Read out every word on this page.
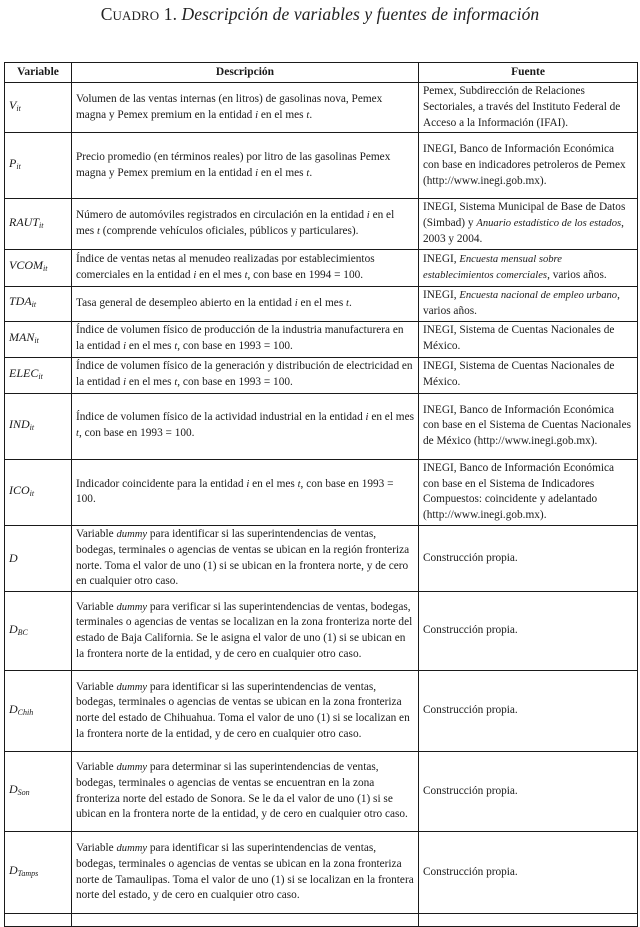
CUADRO 1. Descripción de variables y fuentes de información
Variable	Descripción	Fuente
$V_{it}$	Volumen de las ventas internas (en litros) de gasolinas nova, Pemex magna y Pemex premium en la entidad i en el mes t.	Pemex, Subdirección de Relaciones Sectoriales, a través del Instituto Federal de Acceso a la Información (IFAI).
$P_{it}$	Precio promedio (en términos reales) por litro de las gasolinas Pemex magna y Pemex premium en la entidad i en el mes t.	INEGI, Banco de Información Económica con base en indicadores petroleros de Pemex (http://www.inegi.gob.mx).
$RAUT_{it}$	Número de automóviles registrados en circulación en la entidad i en el mes t (comprende vehículos oficiales, públicos y particulares).	INEGI, Sistema Municipal de Base de Datos (Simbad) y Anuario estadístico de los estados, 2003 y 2004.
$VCOM_{it}$	Índice de ventas netas al menudeo realizadas por establecimientos comerciales en la entidad i en el mes t, con base en 1994 = 100.	INEGI, Encuesta mensual sobre establecimientos comerciales, varios años.
$TDA_{it}$	Tasa general de desempleo abierto en la entidad i en el mes t.	INEGI, Encuesta nacional de empleo urbano, varios años.
$MAN_{it}$	Índice de volumen físico de producción de la industria manufacturera en la entidad i en el mes t, con base en 1993 = 100.	INEGI, Sistema de Cuentas Nacionales de México.
$ELEC_{it}$	Índice de volumen físico de la generación y distribución de electricidad en la entidad i en el mes t, con base en 1993 = 100.	INEGI, Sistema de Cuentas Nacionales de México.
$IND_{it}$	Índice de volumen físico de la actividad industrial en la entidad i en el mes t, con base en 1993 = 100.	INEGI, Banco de Información Económica con base en el Sistema de Cuentas Nacionales de México (http://www.inegi.gob.mx).
$ICO_{it}$	Indicador coincidente para la entidad i en el mes t, con base en 1993 = 100.	INEGI, Banco de Información Económica con base en el Sistema de Indicadores Compuestos: coincidente y adelantado (http://www.inegi.gob.mx).
D	Variable dummy para identificar si las superintendencias de ventas, bodegas, terminales o agencias de ventas se ubican en la región fronteriza norte. Toma el valor de uno (1) si se ubican en la frontera norte, y de cero en cualquier otro caso.	Construcción propia.
$D_{BC}$	Variable dummy para verificar si las superintendencias de ventas, bodegas, terminales o agencias de ventas se localizan en la zona fronteriza norte del estado de Baja California. Se le asigna el valor de uno (1) si se ubican en la frontera norte de la entidad, y de cero en cualquier otro caso.	Construcción propia.
$D_{Chih}$	Variable dummy para identificar si las superintendencias de ventas, bodegas, terminales o agencias de ventas se ubican en la zona fronteriza norte del estado de Chihuahua. Toma el valor de uno (1) si se localizan en la frontera norte de la entidad, y de cero en cualquier otro caso.	Construcción propia.
$D_{Son}$	Variable dummy para determinar si las superintendencias de ventas, bodegas, terminales o agencias de ventas se encuentran en la zona fronteriza norte del estado de Sonora. Se le da el valor de uno (1) si se ubican en la frontera norte de la entidad, y de cero en cualquier otro caso.	Construcción propia.
$D_{Tamps}$	Variable dummy para identificar si las superintendencias de ventas, bodegas, terminales o agencias de ventas se ubican en la zona fronteriza norte de Tamaulipas. Toma el valor de uno (1) si se localizan en la frontera norte del estado, y de cero en cualquier otro caso.	Construcción propia.
